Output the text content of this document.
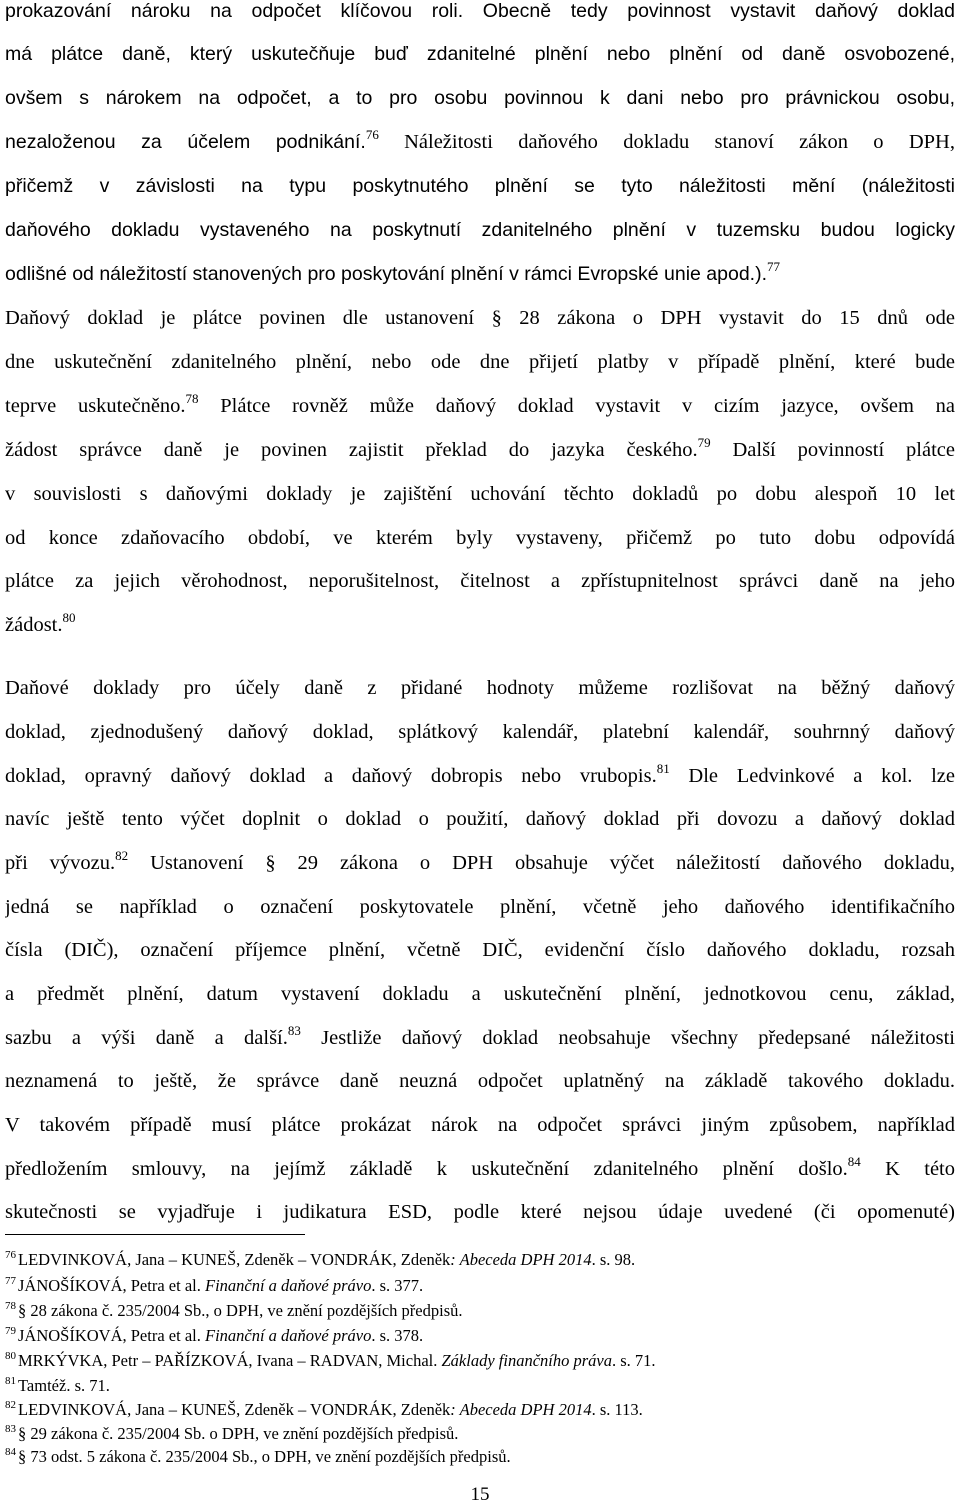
prokazování nároku na odpočet klíčovou roli. Obecně tedy povinnost vystavit daňový doklad
má plátce daně, který uskutečňuje buď zdanitelné plnění nebo plnění od daně osvobozené,
ovšem s nárokem na odpočet, a to pro osobu povinnou k dani nebo pro právnickou osobu,
nezaloženou za účelem podnikání.$^{76}$ Náležitosti daňového dokladu stanoví zákon o DPH,
přičemž v závislosti na typu poskytnutého plnění se tyto náležitosti mění (náležitosti
daňového dokladu vystaveného na poskytnutí zdanitelného plnění v tuzemsku budou logicky
odlišné od náležitostí stanovených pro poskytování plnění v rámci Evropské unie apod.).$^{77}$
Daňový doklad je plátce povinen dle ustanovení § 28 zákona o DPH vystavit do 15 dnů ode
dne uskutečnění zdanitelného plnění, nebo ode dne přijetí platby v případě plnění, které bude
teprve uskutečněno.$^{78}$ Plátce rovněž může daňový doklad vystavit v cizím jazyce, ovšem na
žádost správce daně je povinen zajistit překlad do jazyka českého.$^{79}$ Další povinností plátce
v souvislosti s daňovými doklady je zajištění uchování těchto dokladů po dobu alespoň 10 let
od konce zdaňovacího období, ve kterém byly vystaveny, přičemž po tuto dobu odpovídá
plátce za jejich věrohodnost, neporušitelnost, čitelnost a zpřístupnitelnost správci daně na jeho
žádost.$^{80}$
Daňové doklady pro účely daně z přidané hodnoty můžeme rozlišovat na běžný daňový
doklad, zjednodušený daňový doklad, splátkový kalendář, platební kalendář, souhrnný daňový
doklad, opravný daňový doklad a daňový dobropis nebo vrubopis.$^{81}$ Dle Ledvinkové a kol. lze
navíc ještě tento výčet doplnit o doklad o použití, daňový doklad při dovozu a daňový doklad
při vývozu.$^{82}$ Ustanovení § 29 zákona o DPH obsahuje výčet náležitostí daňového dokladu,
jedná se například o označení poskytovatele plnění, včetně jeho daňového identifikačního
čísla (DIČ), označení příjemce plnění, včetně DIČ, evidenční číslo daňového dokladu, rozsah
a předmět plnění, datum vystavení dokladu a uskutečnění plnění, jednotkovou cenu, základ,
sazbu a výši daně a další.$^{83}$ Jestliže daňový doklad neobsahuje všechny předepsané náležitosti
neznamená to ještě, že správce daně neuzná odpočet uplatněný na základě takového dokladu.
V takovém případě musí plátce prokázat nárok na odpočet správci jiným způsobem, například
předložením smlouvy, na jejímž základě k uskutečnění zdanitelného plnění došlo.$^{84}$ K této
skutečnosti se vyjadřuje i judikatura ESD, podle které nejsou údaje uvedené (či opomenuté)
$^{76}$ LEDVINKOVÁ, Jana – KUNEŠ, Zdeněk – VONDRÁK, Zdeněk: Abeceda DPH 2014. s. 98.
$^{77}$ JÁNOŠÍKOVÁ, Petra et al. Finanční a daňové právo. s. 377.
$^{78}$ § 28 zákona č. 235/2004 Sb., o DPH, ve znění pozdějších předpisů.
$^{79}$ JÁNOŠÍKOVÁ, Petra et al. Finanční a daňové právo. s. 378.
$^{80}$ MRKÝVKA, Petr – PAŘÍZKOVÁ, Ivana – RADVAN, Michal. Základy finančního práva. s. 71.
$^{81}$ Tamtéž. s. 71.
$^{82}$ LEDVINKOVÁ, Jana – KUNEŠ, Zdeněk – VONDRÁK, Zdeněk: Abeceda DPH 2014. s. 113.
$^{83}$ § 29 zákona č. 235/2004 Sb. o DPH, ve znění pozdějších předpisů.
$^{84}$ § 73 odst. 5 zákona č. 235/2004 Sb., o DPH, ve znění pozdějších předpisů.
15
